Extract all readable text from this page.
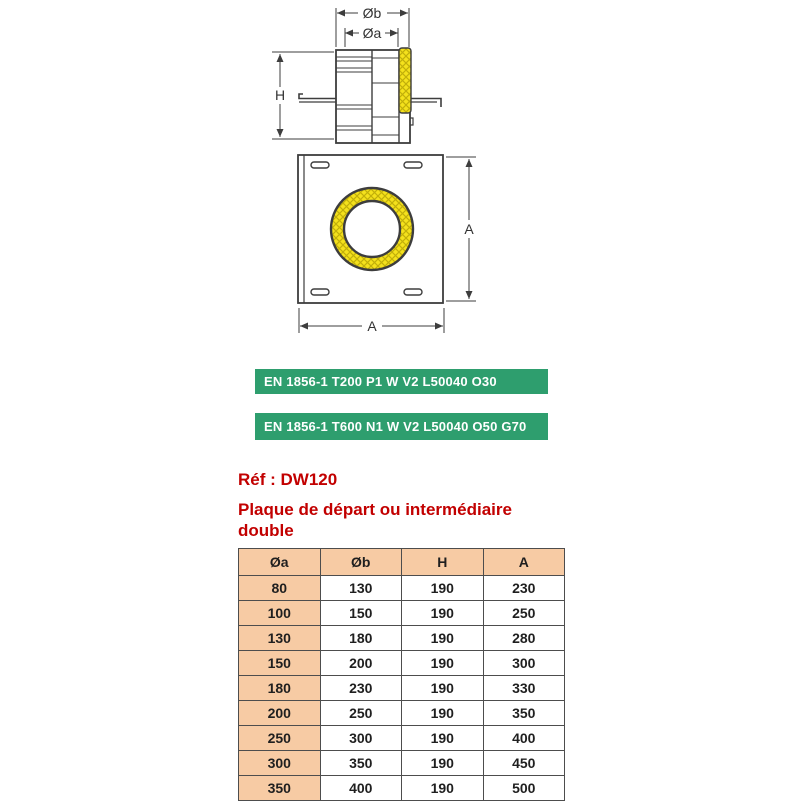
Øb
Øa
H
A
A
EN 1856-1 T200 P1 W V2 L50040 O30
EN 1856-1 T600 N1 W V2 L50040 O50 G70
Réf : DW120
Plaque de départ ou intermédiaire double
Øa	Øb	H	A
80	130	190	230
100	150	190	250
130	180	190	280
150	200	190	300
180	230	190	330
200	250	190	350
250	300	190	400
300	350	190	450
350	400	190	500
